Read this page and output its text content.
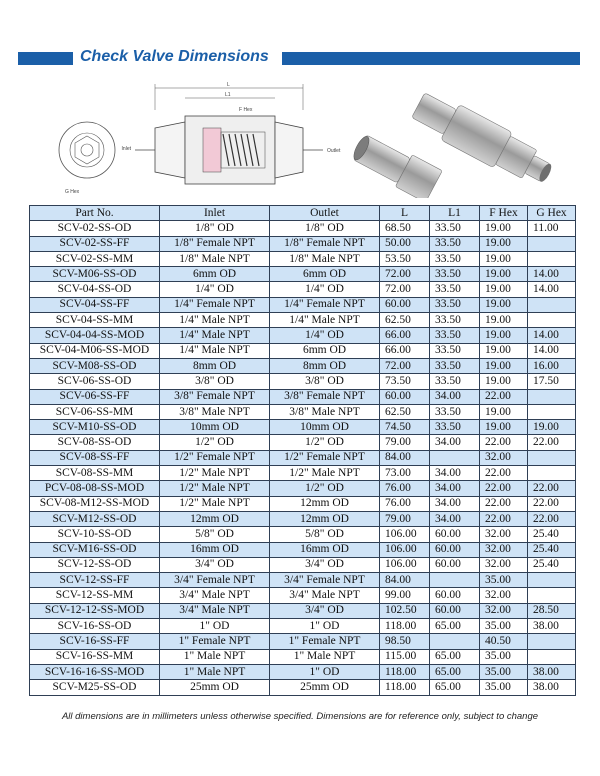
Check Valve Dimensions
G Hex
L
L1
F Hex
Inlet	Outlet
Part No.	Inlet	Outlet	L	L1	F Hex	G Hex
SCV-02-SS-OD	1/8" OD	1/8" OD	68.50	33.50	19.00	11.00
SCV-02-SS-FF	1/8" Female NPT	1/8" Female NPT	50.00	33.50	19.00	
SCV-02-SS-MM	1/8" Male NPT	1/8" Male NPT	53.50	33.50	19.00	
SCV-M06-SS-OD	6mm OD	6mm OD	72.00	33.50	19.00	14.00
SCV-04-SS-OD	1/4" OD	1/4" OD	72.00	33.50	19.00	14.00
SCV-04-SS-FF	1/4" Female NPT	1/4" Female NPT	60.00	33.50	19.00	
SCV-04-SS-MM	1/4" Male NPT	1/4" Male NPT	62.50	33.50	19.00	
SCV-04-04-SS-MOD	1/4" Male NPT	1/4" OD	66.00	33.50	19.00	14.00
SCV-04-M06-SS-MOD	1/4" Male NPT	6mm OD	66.00	33.50	19.00	14.00
SCV-M08-SS-OD	8mm OD	8mm OD	72.00	33.50	19.00	16.00
SCV-06-SS-OD	3/8" OD	3/8" OD	73.50	33.50	19.00	17.50
SCV-06-SS-FF	3/8" Female NPT	3/8" Female NPT	60.00	34.00	22.00	
SCV-06-SS-MM	3/8" Male NPT	3/8" Male NPT	62.50	33.50	19.00	
SCV-M10-SS-OD	10mm OD	10mm OD	74.50	33.50	19.00	19.00
SCV-08-SS-OD	1/2" OD	1/2" OD	79.00	34.00	22.00	22.00
SCV-08-SS-FF	1/2" Female NPT	1/2" Female NPT	84.00		32.00	
SCV-08-SS-MM	1/2" Male NPT	1/2" Male NPT	73.00	34.00	22.00	
PCV-08-08-SS-MOD	1/2" Male NPT	1/2" OD	76.00	34.00	22.00	22.00
SCV-08-M12-SS-MOD	1/2" Male NPT	12mm OD	76.00	34.00	22.00	22.00
SCV-M12-SS-OD	12mm OD	12mm OD	79.00	34.00	22.00	22.00
SCV-10-SS-OD	5/8" OD	5/8" OD	106.00	60.00	32.00	25.40
SCV-M16-SS-OD	16mm OD	16mm OD	106.00	60.00	32.00	25.40
SCV-12-SS-OD	3/4" OD	3/4" OD	106.00	60.00	32.00	25.40
SCV-12-SS-FF	3/4" Female NPT	3/4" Female NPT	84.00		35.00	
SCV-12-SS-MM	3/4" Male NPT	3/4" Male NPT	99.00	60.00	32.00	
SCV-12-12-SS-MOD	3/4" Male NPT	3/4" OD	102.50	60.00	32.00	28.50
SCV-16-SS-OD	1" OD	1" OD	118.00	65.00	35.00	38.00
SCV-16-SS-FF	1" Female NPT	1" Female NPT	98.50		40.50	
SCV-16-SS-MM	1" Male NPT	1" Male NPT	115.00	65.00	35.00	
SCV-16-16-SS-MOD	1" Male NPT	1" OD	118.00	65.00	35.00	38.00
SCV-M25-SS-OD	25mm OD	25mm OD	118.00	65.00	35.00	38.00
All dimensions are in millimeters unless otherwise specified. Dimensions are for reference only, subject to change
